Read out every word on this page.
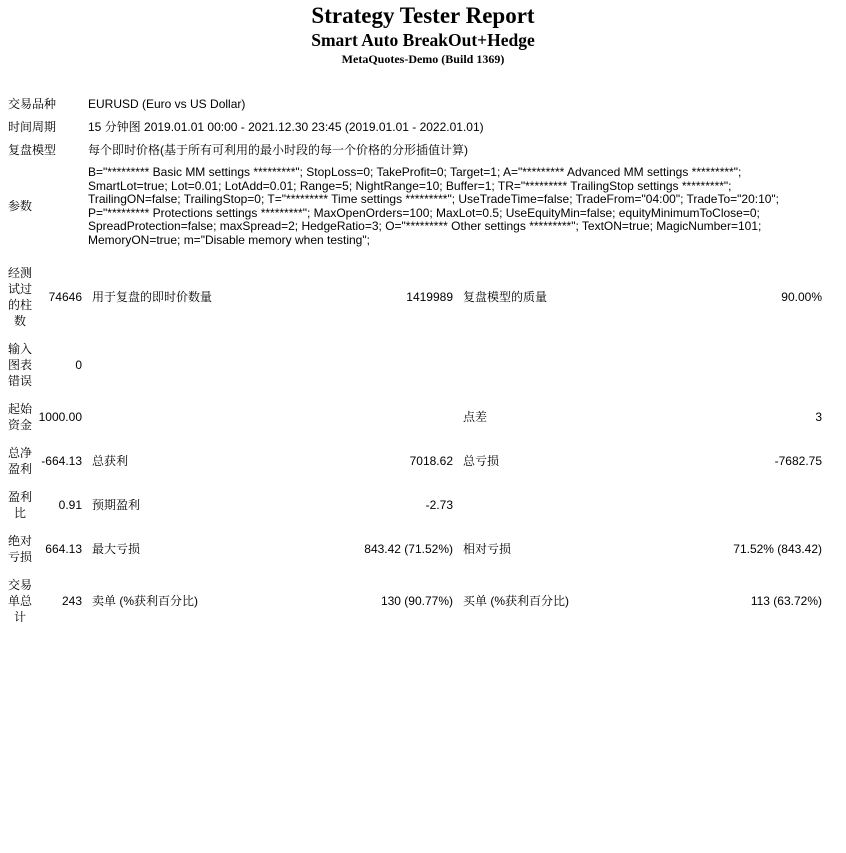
Strategy Tester Report
Smart Auto BreakOut+Hedge
MetaQuotes-Demo (Build 1369)
交易品种	EURUSD (Euro vs US Dollar)
时间周期	15 分钟图 2019.01.01 00:00 - 2021.12.30 23:45 (2019.01.01 - 2022.01.01)
复盘模型	每个即时价格(基于所有可利用的最小时段的每一个价格的分形插值计算)
参数	
B="********* Basic MM settings *********"; StopLoss=0; TakeProfit=0; Target=1; A="********* Advanced MM settings *********";
SmartLot=true; Lot=0.01; LotAdd=0.01; Range=5; NightRange=10; Buffer=1; TR="********* TrailingStop settings *********";
TrailingON=false; TrailingStop=0; T="********* Time settings *********"; UseTradeTime=false; TradeFrom="04:00"; TradeTo="20:10";
P="********* Protections settings *********"; MaxOpenOrders=100; MaxLot=0.5; UseEquityMin=false; equityMinimumToClose=0;
SpreadProtection=false; maxSpread=2; HedgeRatio=3; O="********* Other settings *********"; TextON=true; MagicNumber=101;
MemoryON=true; m="Disable memory when testing";
经测试过的柱数	74646	用于复盘的即时价数量	1419989	复盘模型的质量	90.00%
输入图表错误	0				
起始资金	1000.00			点差	3
总净盈利	-664.13	总获利	7018.62	总亏损	-7682.75
盈利比	0.91	预期盈利	-2.73		
绝对亏损	664.13	最大亏损	843.42 (71.52%)	相对亏损	71.52% (843.42)
交易单总计	243	卖单 (%获利百分比)	130 (90.77%)	买单 (%获利百分比)	113 (63.72%)
